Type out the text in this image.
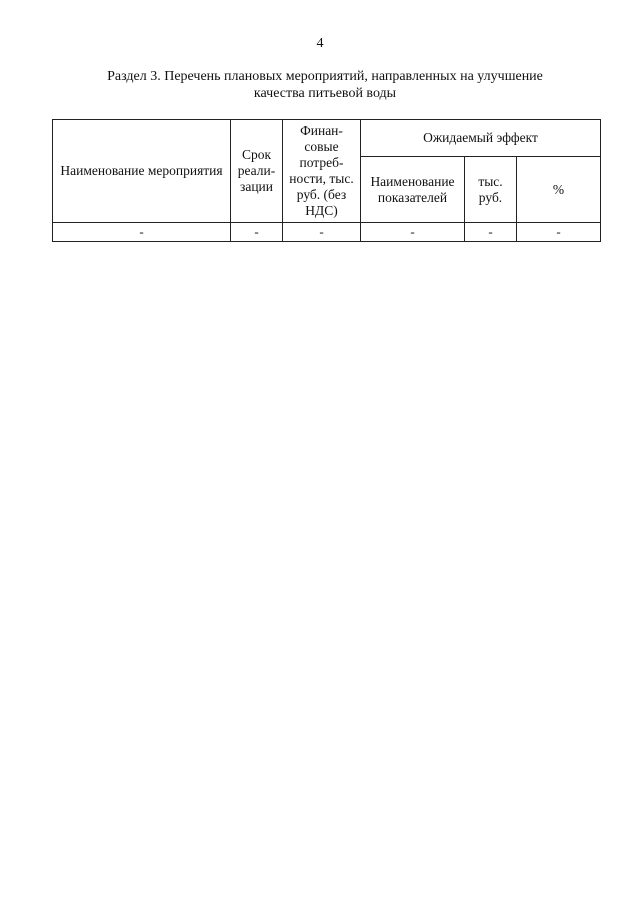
4
Раздел 3. Перечень плановых мероприятий, направленных на улучшение
качества питьевой воды
Наименование мероприятия	Срок реали-зации	Финан-совые потреб-ности, тыс. руб. (без НДС)	Ожидаемый эффект		
			Наименование показателей	тыс. руб.	%
-	-	-	-	-	-
